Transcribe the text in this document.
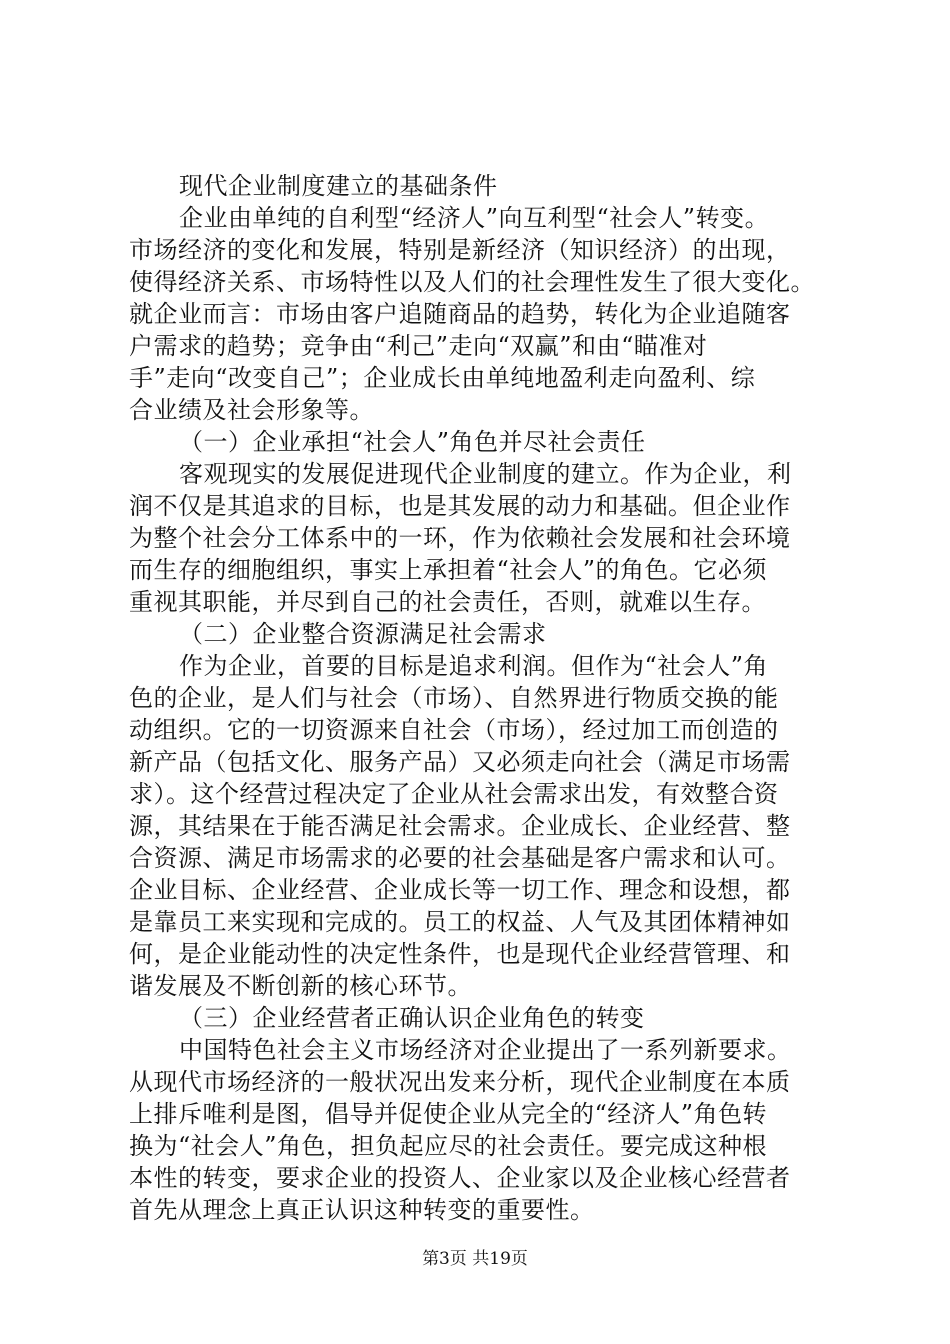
现代企业制度建立的基础条件
企业由单纯的自利型“经济人”向互利型“社会人”转变。
市场经济的变化和发展，特别是新经济（知识经济）的出现，
使得经济关系、市场特性以及人们的社会理性发生了很大变化。
就企业而言：市场由客户追随商品的趋势，转化为企业追随客
户需求的趋势；竞争由“利己”走向“双赢”和由“瞄准对
手”走向“改变自己”；企业成长由单纯地盈利走向盈利、综
合业绩及社会形象等。
（一）企业承担“社会人”角色并尽社会责任
客观现实的发展促进现代企业制度的建立。作为企业，利
润不仅是其追求的目标，也是其发展的动力和基础。但企业作
为整个社会分工体系中的一环，作为依赖社会发展和社会环境
而生存的细胞组织，事实上承担着“社会人”的角色。它必须
重视其职能，并尽到自己的社会责任，否则，就难以生存。
（二）企业整合资源满足社会需求
作为企业，首要的目标是追求利润。但作为“社会人”角
色的企业，是人们与社会（市场）、自然界进行物质交换的能
动组织。它的一切资源来自社会（市场），经过加工而创造的
新产品（包括文化、服务产品）又必须走向社会（满足市场需
求）。这个经营过程决定了企业从社会需求出发，有效整合资
源，其结果在于能否满足社会需求。企业成长、企业经营、整
合资源、满足市场需求的必要的社会基础是客户需求和认可。
企业目标、企业经营、企业成长等一切工作、理念和设想，都
是靠员工来实现和完成的。员工的权益、人气及其团体精神如
何，是企业能动性的决定性条件，也是现代企业经营管理、和
谐发展及不断创新的核心环节。
（三）企业经营者正确认识企业角色的转变
中国特色社会主义市场经济对企业提出了一系列新要求。
从现代市场经济的一般状况出发来分析，现代企业制度在本质
上排斥唯利是图，倡导并促使企业从完全的“经济人”角色转
换为“社会人”角色，担负起应尽的社会责任。要完成这种根
本性的转变，要求企业的投资人、企业家以及企业核心经营者
首先从理念上真正认识这种转变的重要性。
第3页 共19页
